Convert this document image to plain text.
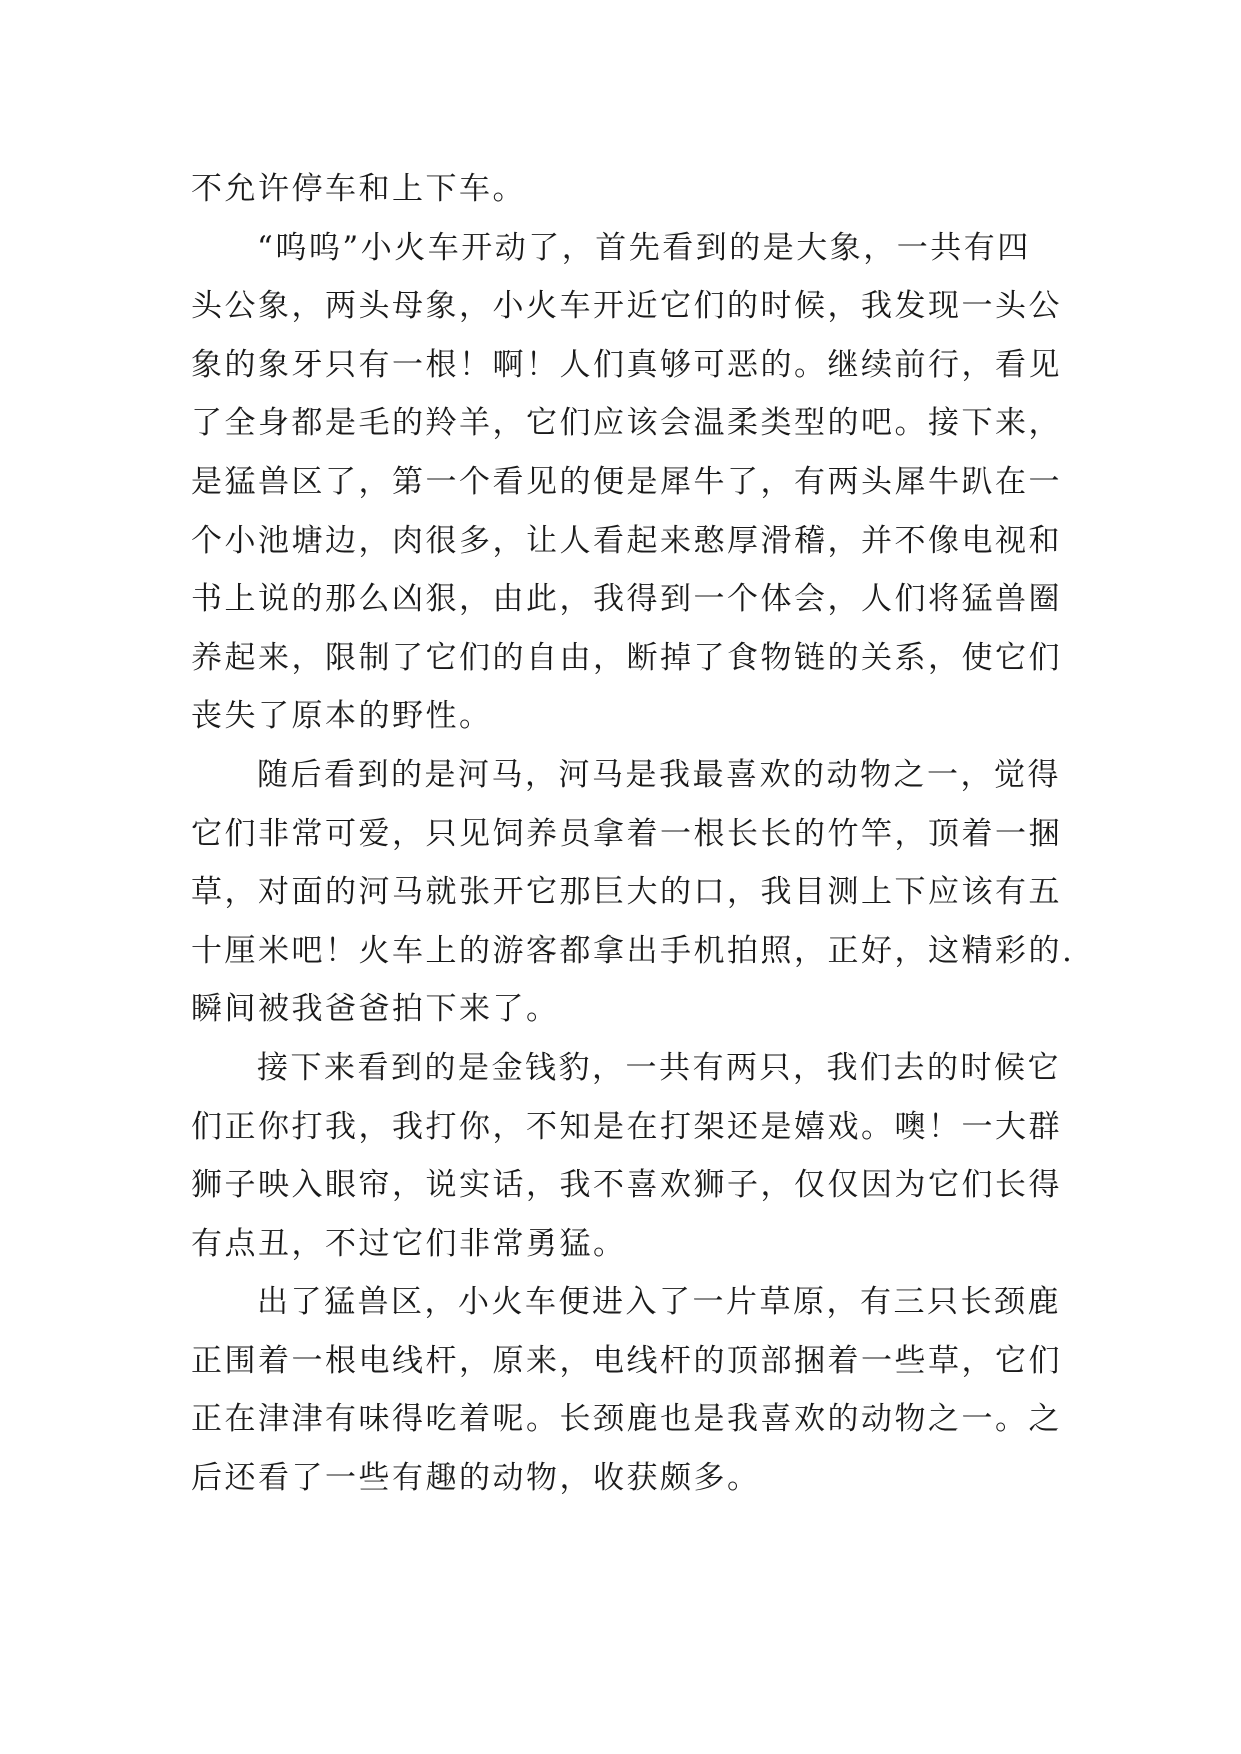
不允许停车和上下车。
“呜呜”小火车开动了，首先看到的是大象，一共有四
头公象，两头母象，小火车开近它们的时候，我发现一头公
象的象牙只有一根！啊！人们真够可恶的。继续前行，看见
了全身都是毛的羚羊，它们应该会温柔类型的吧。接下来，
是猛兽区了，第一个看见的便是犀牛了，有两头犀牛趴在一
个小池塘边，肉很多，让人看起来憨厚滑稽，并不像电视和
书上说的那么凶狠，由此，我得到一个体会，人们将猛兽圈
养起来，限制了它们的自由，断掉了食物链的关系，使它们
丧失了原本的野性。
随后看到的是河马，河马是我最喜欢的动物之一，觉得
它们非常可爱，只见饲养员拿着一根长长的竹竿，顶着一捆
草，对面的河马就张开它那巨大的口，我目测上下应该有五
十厘米吧！火车上的游客都拿出手机拍照，正好，这精彩的.
瞬间被我爸爸拍下来了。
接下来看到的是金钱豹，一共有两只，我们去的时候它
们正你打我，我打你，不知是在打架还是嬉戏。噢！一大群
狮子映入眼帘，说实话，我不喜欢狮子，仅仅因为它们长得
有点丑，不过它们非常勇猛。
出了猛兽区，小火车便进入了一片草原，有三只长颈鹿
正围着一根电线杆，原来，电线杆的顶部捆着一些草，它们
正在津津有味得吃着呢。长颈鹿也是我喜欢的动物之一。之
后还看了一些有趣的动物，收获颇多。
